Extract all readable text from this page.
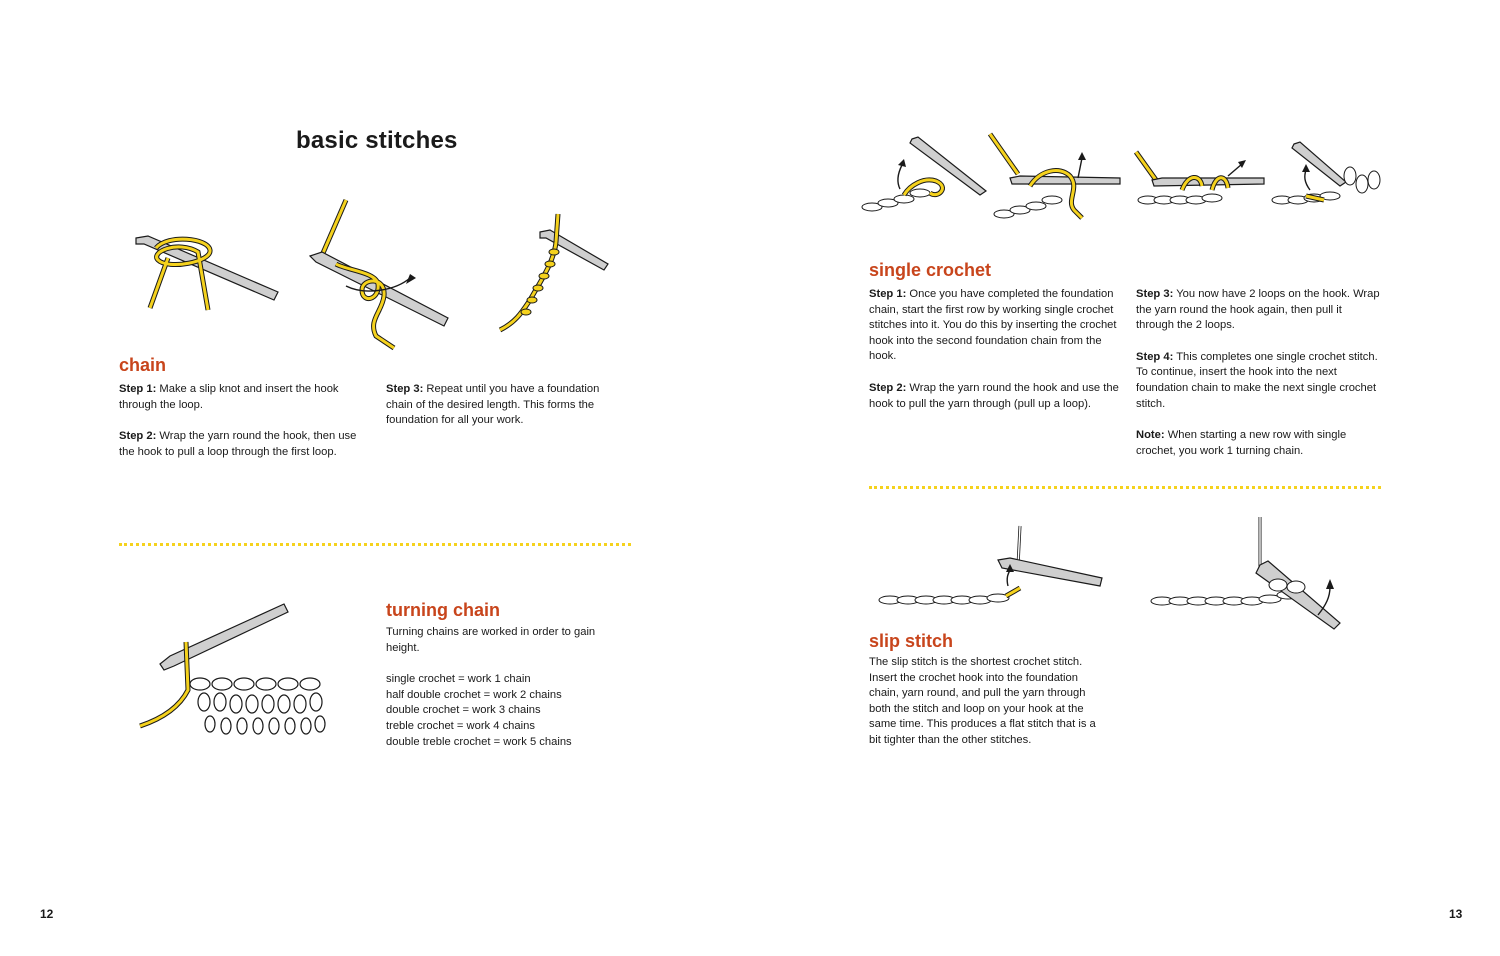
basic stitches
chain

Step 1: Make a slip knot and insert the hook through the loop.

Step 2: Wrap the yarn round the hook, then use the hook to pull a loop through the first loop.

Step 3: Repeat until you have a foundation chain of the desired length. This forms the foundation for all your work.

turning chain

Turning chains are worked in order to gain height.

single crochet = work 1 chain
half double crochet = work 2 chains
double crochet = work 3 chains
treble crochet = work 4 chains
double treble crochet = work 5 chains
12
single crochet

Step 1: Once you have completed the foundation chain, start the first row by working single crochet stitches into it. You do this by inserting the crochet hook into the second foundation chain from the hook.

Step 2: Wrap the yarn round the hook and use the hook to pull the yarn through (pull up a loop).

Step 3: You now have 2 loops on the hook. Wrap the yarn round the hook again, then pull it through the 2 loops.

Step 4: This completes one single crochet stitch. To continue, insert the hook into the next foundation chain to make the next single crochet stitch.

Note: When starting a new row with single crochet, you work 1 turning chain.

slip stitch
The slip stitch is the shortest crochet stitch. Insert the crochet hook into the foundation chain, yarn round, and pull the yarn through both the stitch and loop on your hook at the same time. This produces a flat stitch that is a bit tighter than the other stitches.
13
